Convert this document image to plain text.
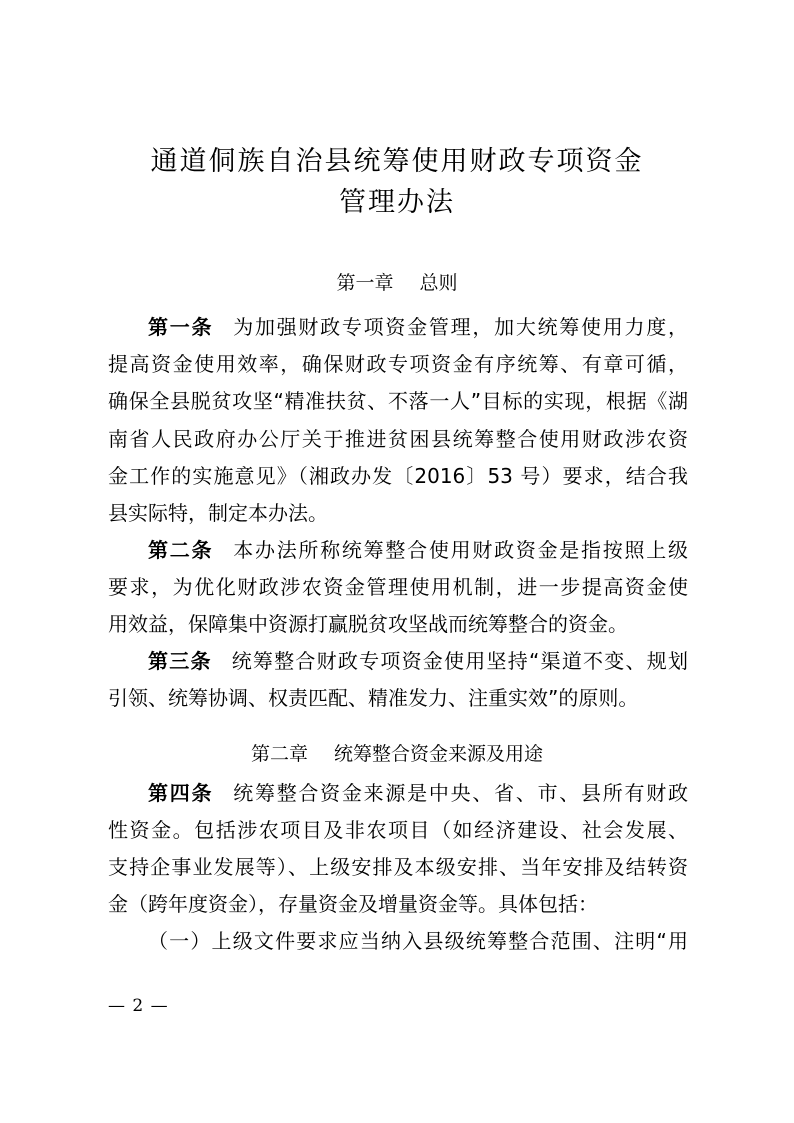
通道侗族自治县统筹使用财政专项资金
管理办法
第一章 总则
第一条 为加强财政专项资金管理，加大统筹使用力度，
提高资金使用效率，确保财政专项资金有序统筹、有章可循，
确保全县脱贫攻坚“精准扶贫、不落一人”目标的实现，根据《湖
南省人民政府办公厅关于推进贫困县统筹整合使用财政涉农资
金工作的实施意见》（湘政办发〔2016〕53 号）要求，结合我
县实际特，制定本办法。
第二条 本办法所称统筹整合使用财政资金是指按照上级
要求，为优化财政涉农资金管理使用机制，进一步提高资金使
用效益，保障集中资源打赢脱贫攻坚战而统筹整合的资金。
第三条 统筹整合财政专项资金使用坚持“渠道不变、规划
引领、统筹协调、权责匹配、精准发力、注重实效”的原则。
第二章 统筹整合资金来源及用途
第四条 统筹整合资金来源是中央、省、市、县所有财政
性资金。包括涉农项目及非农项目（如经济建设、社会发展、
支持企事业发展等）、上级安排及本级安排、当年安排及结转资
金（跨年度资金），存量资金及增量资金等。具体包括：
（一）上级文件要求应当纳入县级统筹整合范围、注明“用
— 2 —
